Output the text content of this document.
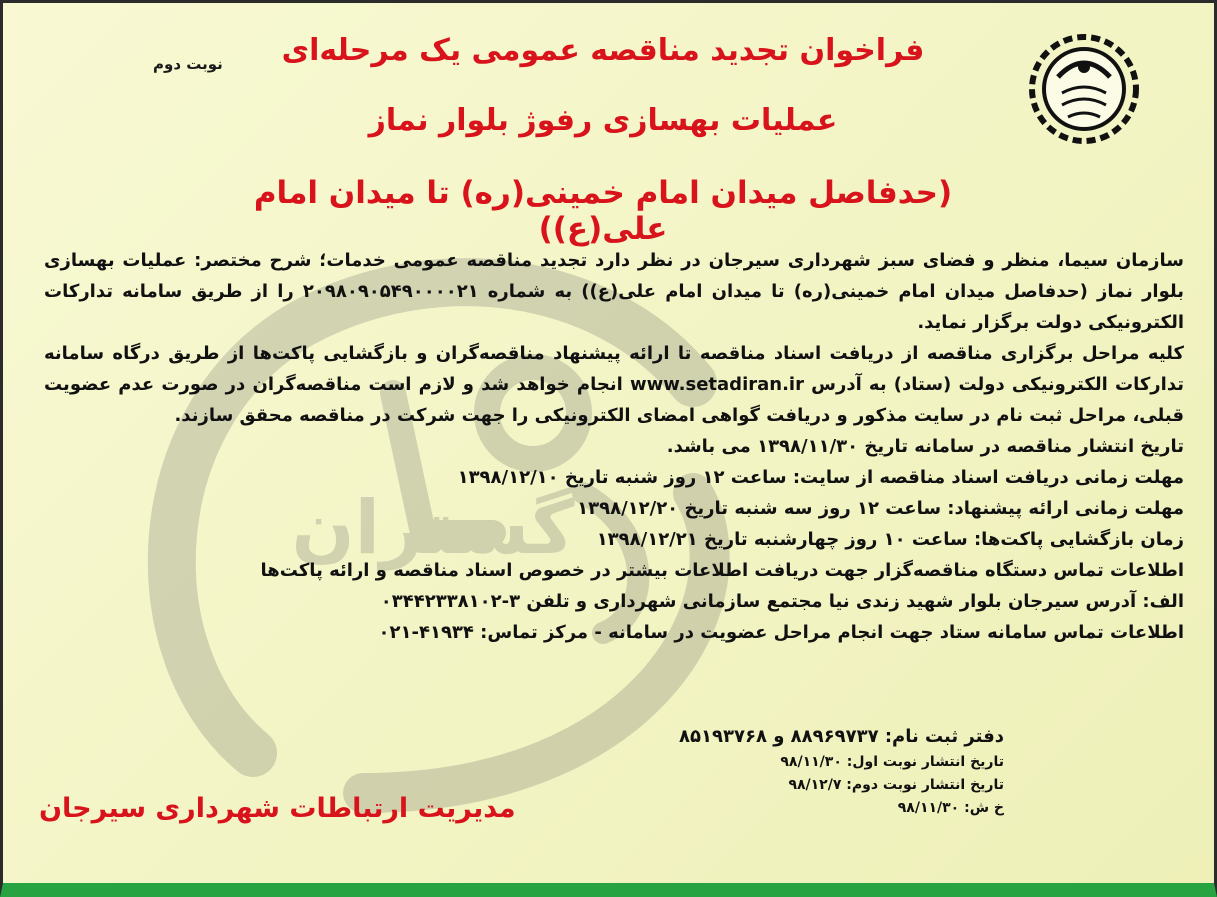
گستران
نوبت دوم	فراخوان تجدید مناقصه عمومی یک مرحله‌ای
عملیات بهسازی رفوژ بلوار نماز
(حدفاصل میدان امام خمینی(ره) تا میدان امام علی(ع))

سازمان سیما، منظر و فضای سبز شهرداری سیرجان در نظر دارد تجدید مناقصه عمومی خدمات؛ شرح مختصر: عملیات بهسازی بلوار نماز (حدفاصل میدان امام خمینی(ره) تا میدان امام علی(ع)) به شماره ۲۰۹۸۰۹۰۵۴۹۰۰۰۰۲۱ را از طریق سامانه تدارکات الکترونیکی دولت برگزار نماید.

کلیه مراحل برگزاری مناقصه از دریافت اسناد مناقصه تا ارائه پیشنهاد مناقصه‌گران و بازگشایی پاکت‌ها از طریق درگاه سامانه تدارکات الکترونیکی دولت (ستاد) به آدرس www.setadiran.ir انجام خواهد شد و لازم است مناقصه‌گران در صورت عدم عضویت قبلی، مراحل ثبت نام در سایت مذکور و دریافت گواهی امضای الکترونیکی را جهت شرکت در مناقصه محقق سازند.

تاریخ انتشار مناقصه در سامانه تاریخ ۱۳۹۸/۱۱/۳۰ می باشد.

مهلت زمانی دریافت اسناد مناقصه از سایت: ساعت ۱۲ روز شنبه تاریخ ۱۳۹۸/۱۲/۱۰

مهلت زمانی ارائه پیشنهاد: ساعت ۱۲ روز سه شنبه تاریخ ۱۳۹۸/۱۲/۲۰

زمان بازگشایی پاکت‌ها: ساعت ۱۰ روز چهارشنبه تاریخ ۱۳۹۸/۱۲/۲۱

اطلاعات تماس دستگاه مناقصه‌گزار جهت دریافت اطلاعات بیشتر در خصوص اسناد مناقصه و ارائه پاکت‌ها

الف: آدرس سیرجان بلوار شهید زندی نیا مجتمع سازمانی شهرداری و تلفن ۳-۰۳۴۴۲۳۳۸۱۰۲

اطلاعات تماس سامانه ستاد جهت انجام مراحل عضویت در سامانه - مرکز تماس: ۴۱۹۳۴-۰۲۱

دفتر ثبت نام: ۸۸۹۶۹۷۳۷ و ۸۵۱۹۳۷۶۸
تاریخ انتشار نوبت اول: ۹۸/۱۱/۳۰
تاریخ انتشار نوبت دوم: ۹۸/۱۲/۷
خ ش: ۹۸/۱۱/۳۰
مدیریت ارتباطات شهرداری سیرجان
